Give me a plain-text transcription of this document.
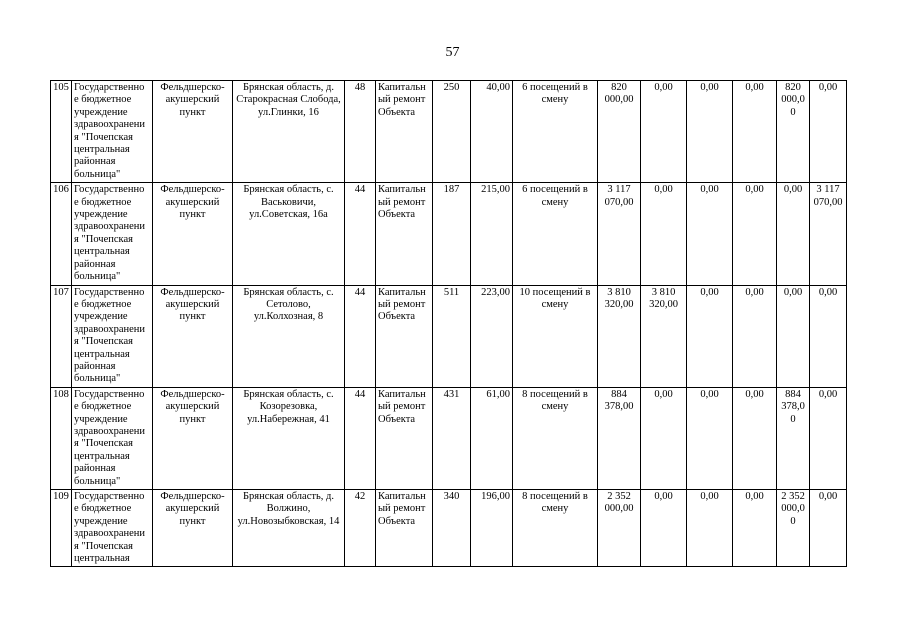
57
105	Государственно е бюджетное учреждение здравоохранени я "Почепская центральная районная больница"	Фельдшерско- акушерский пункт	Брянская область, д. Старокрасная Слобода, ул.Глинки, 16	48	Капитальн ый ремонт Объекта	250	40,00	6 посещений в смену	820 000,00	0,00	0,00	0,00	820 000,0 0	0,00
106	Государственно е бюджетное учреждение здравоохранени я "Почепская центральная районная больница"	Фельдшерско- акушерский пункт	Брянская область, с. Васьковичи, ул.Советская, 16а	44	Капитальн ый ремонт Объекта	187	215,00	6 посещений в смену	3 117 070,00	0,00	0,00	0,00	0,00	3 117 070,00
107	Государственно е бюджетное учреждение здравоохранени я "Почепская центральная районная больница"	Фельдшерско- акушерский пункт	Брянская область, с. Сетолово, ул.Колхозная, 8	44	Капитальн ый ремонт Объекта	511	223,00	10 посещений в смену	3 810 320,00	3 810 320,00	0,00	0,00	0,00	0,00
108	Государственно е бюджетное учреждение здравоохранени я "Почепская центральная районная больница"	Фельдшерско- акушерский пункт	Брянская область, с. Козорезовка, ул.Набережная, 41	44	Капитальн ый ремонт Объекта	431	61,00	8 посещений в смену	884 378,00	0,00	0,00	0,00	884 378,0 0	0,00
109	Государственно е бюджетное учреждение здравоохранени я "Почепская центральная	Фельдшерско- акушерский пункт	Брянская область, д. Волжино, ул.Новозыбковская, 14	42	Капитальн ый ремонт Объекта	340	196,00	8 посещений в смену	2 352 000,00	0,00	0,00	0,00	2 352 000,0 0	0,00
